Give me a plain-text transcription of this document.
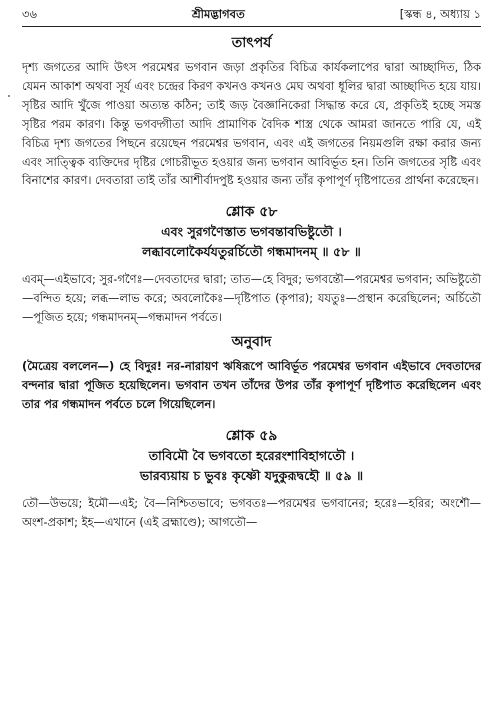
৩৬	শ্রীমদ্ভাগবত	[স্কন্ধ ৪, অধ্যায় ১
তাৎপর্য

দৃশ্য জগতের আদি উৎস পরমেশ্বর ভগবান জড়া প্রকৃতির বিচিত্র কার্যকলাপের দ্বারা আচ্ছাদিত, ঠিক যেমন আকাশ অথবা সূর্য এবং চন্দ্রের কিরণ কখনও কখনও মেঘ অথবা ধূলির দ্বারা আচ্ছাদিত হয়ে যায়। সৃষ্টির আদি খুঁজে পাওয়া অত্যন্ত কঠিন; তাই জড় বৈজ্ঞানিকেরা সিদ্ধান্ত করে যে, প্রকৃতিই হচ্ছে সমস্ত সৃষ্টির পরম কারণ। কিন্তু ভগবদ্গীতা আদি প্রামাণিক বৈদিক শাস্ত্র থেকে আমরা জানতে পারি যে, এই বিচিত্র দৃশ্য জগতের পিছনে রয়েছেন পরমেশ্বর ভগবান, এবং এই জগতের নিয়মগুলি রক্ষা করার জন্য এবং সাত্ত্বিক ব্যক্তিদের দৃষ্টির গোচরীভূত হওয়ার জন্য ভগবান আবির্ভূত হন। তিনি জগতের সৃষ্টি এবং বিনাশের কারণ। দেবতারা তাই তাঁর আশীর্বাদপুষ্ট হওয়ার জন্য তাঁর কৃপাপূর্ণ দৃষ্টিপাতের প্রার্থনা করেছেন।

শ্লোক ৫৮

এবং সুরগণৈস্তাত ভগবন্তাবভিষ্টুতৌ ।

লব্ধাবলোকৈর্যযতুরর্চিতৌ গন্ধমাদনম্ ॥ ৫৮ ॥

এবম্—এইভাবে; সুর-গণৈঃ—দেবতাদের দ্বারা; তাত—হে বিদুর; ভগবন্তৌ—পরমেশ্বর ভগবান; অভিষ্টুতৌ—বন্দিত হয়ে; লব্ধ—লাভ করে; অবলোকৈঃ—দৃষ্টিপাত (কৃপার); যযতুঃ—প্রস্থান করেছিলেন; অর্চিতৌ—পূজিত হয়ে; গন্ধমাদনম্—গন্ধমাদন পর্বতে।

অনুবাদ

(মৈত্রেয় বললেন—) হে বিদুর! নর-নারায়ণ ঋষিরূপে আবির্ভূত পরমেশ্বর ভগবান এইভাবে দেবতাদের বন্দনার দ্বারা পূজিত হয়েছিলেন। ভগবান তখন তাঁদের উপর তাঁর কৃপাপূর্ণ দৃষ্টিপাত করেছিলেন এবং তার পর গন্ধমাদন পর্বতে চলে গিয়েছিলেন।

শ্লোক ৫৯

তাবিমৌ বৈ ভগবতো হরেরংশাবিহাগতৌ ।

ভারব্যয়ায় চ ভুবঃ কৃষ্ণৌ যদুকুরূদ্বহৌ ॥ ৫৯ ॥

তৌ—উভয়ে; ইমৌ—এই; বৈ—নিশ্চিতভাবে; ভগবতঃ—পরমেশ্বর ভগবানের; হরেঃ—হরির; অংশৌ—অংশ-প্রকাশ; ইহ—এখানে (এই ব্রহ্মাণ্ডে); আগতৌ—
